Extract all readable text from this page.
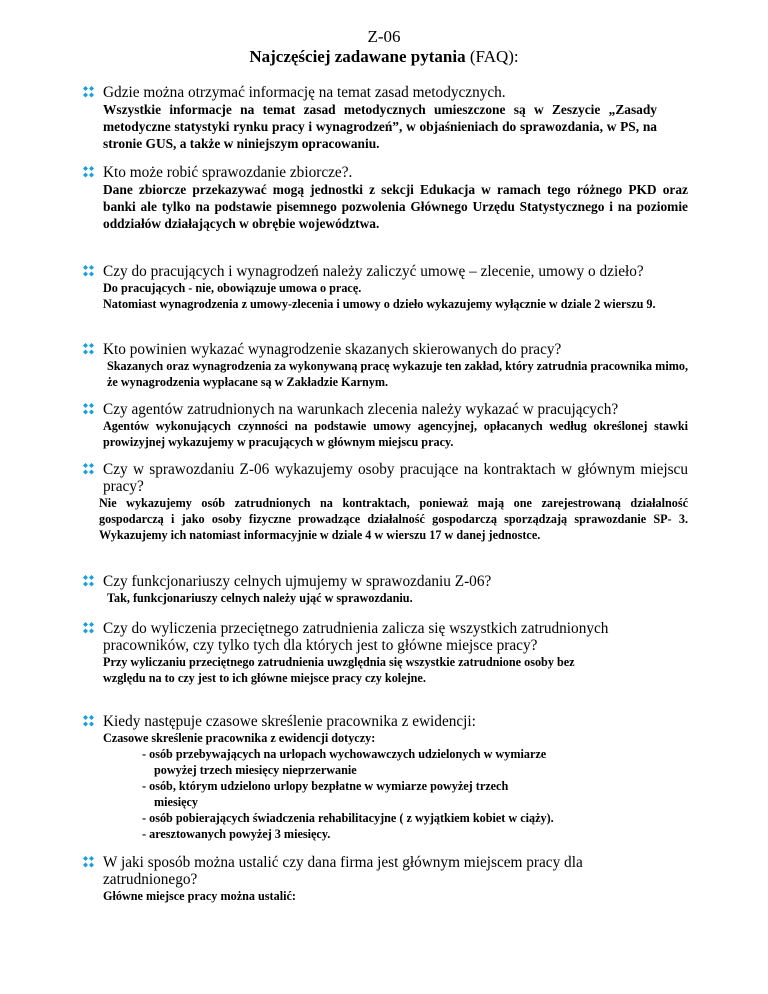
Z-06
Najczęściej zadawane pytania (FAQ):
Gdzie można otrzymać informację na temat zasad metodycznych.
Wszystkie informacje na temat zasad metodycznych umieszczone są w Zeszycie „Zasady metodyczne statystyki rynku pracy i wynagrodzeń”, w objaśnieniach do sprawozdania, w PS, na stronie GUS, a także w niniejszym opracowaniu.
Kto może robić sprawozdanie zbiorcze?.
Dane zbiorcze przekazywać mogą jednostki z sekcji Edukacja w ramach tego różnego PKD oraz banki ale tylko na podstawie pisemnego pozwolenia Głównego Urzędu Statystycznego i na poziomie oddziałów działających w obrębie województwa.
Czy do pracujących i wynagrodzeń należy zaliczyć umowę – zlecenie, umowy o dzieło?
Do pracujących - nie, obowiązuje umowa o pracę.
Natomiast wynagrodzenia z umowy-zlecenia i umowy o dzieło wykazujemy wyłącznie w dziale 2 wierszu 9.
Kto powinien wykazać wynagrodzenie skazanych skierowanych do pracy?
Skazanych oraz wynagrodzenia za wykonywaną pracę wykazuje ten zakład, który zatrudnia pracownika mimo, że wynagrodzenia wypłacane są w Zakładzie Karnym.
Czy agentów zatrudnionych na warunkach zlecenia należy wykazać w pracujących?
Agentów wykonujących czynności na podstawie umowy agencyjnej, opłacanych według określonej stawki prowizyjnej wykazujemy w pracujących w głównym miejscu pracy.
Czy w sprawozdaniu Z-06 wykazujemy osoby pracujące na kontraktach w głównym miejscu pracy?
Nie wykazujemy osób zatrudnionych na kontraktach, ponieważ mają one zarejestrowaną działalność gospodarczą i jako osoby fizyczne prowadzące działalność gospodarczą sporządzają sprawozdanie SP- 3. Wykazujemy ich natomiast informacyjnie w dziale 4 w wierszu 17 w danej jednostce.
Czy funkcjonariuszy celnych ujmujemy w sprawozdaniu Z-06?
Tak, funkcjonariuszy celnych należy ująć w sprawozdaniu.
Czy do wyliczenia przeciętnego zatrudnienia zalicza się wszystkich zatrudnionych pracowników, czy tylko tych dla których jest to główne miejsce pracy?
Przy wyliczaniu przeciętnego zatrudnienia uwzględnia się wszystkie zatrudnione osoby bez względu na to czy jest to ich główne miejsce pracy czy kolejne.
Kiedy następuje czasowe skreślenie pracownika z ewidencji:
Czasowe skreślenie pracownika z ewidencji dotyczy:
- osób przebywających na urlopach wychowawczych udzielonych w wymiarze
powyżej trzech miesięcy nieprzerwanie
- osób, którym udzielono urlopy bezpłatne w wymiarze powyżej trzech
miesięcy
- osób pobierających świadczenia rehabilitacyjne ( z wyjątkiem kobiet w ciąży).
- aresztowanych powyżej 3 miesięcy.
W jaki sposób można ustalić czy dana firma jest głównym miejscem pracy dla zatrudnionego?
Główne miejsce pracy można ustalić:
